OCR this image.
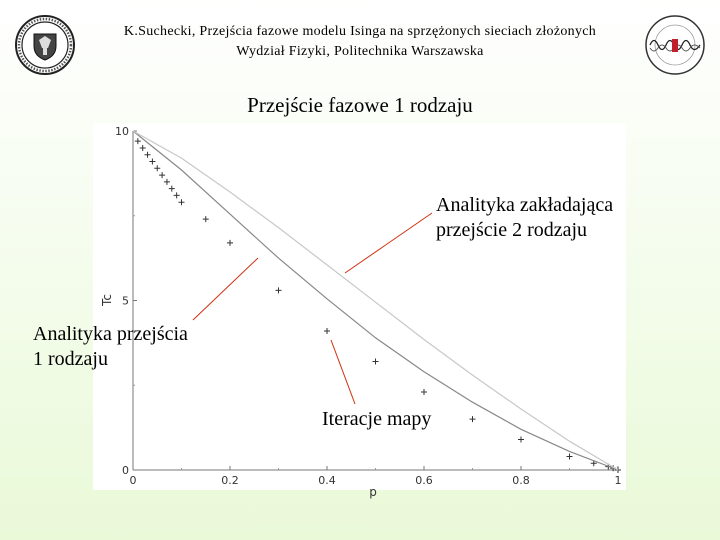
K.Suchecki, Przejścia fazowe modelu Isinga na sprzężonych sieciach złożonych
Wydział Fizyki, Politechnika Warszawska
Przejście fazowe 1 rodzaju
0	0.2	0.4	0.6	0.8	1
0
5
10
p
Tc
Analityka zakładająca
przejście 2 rodzaju
Analityka przejścia
1 rodzaju
Iteracje mapy
